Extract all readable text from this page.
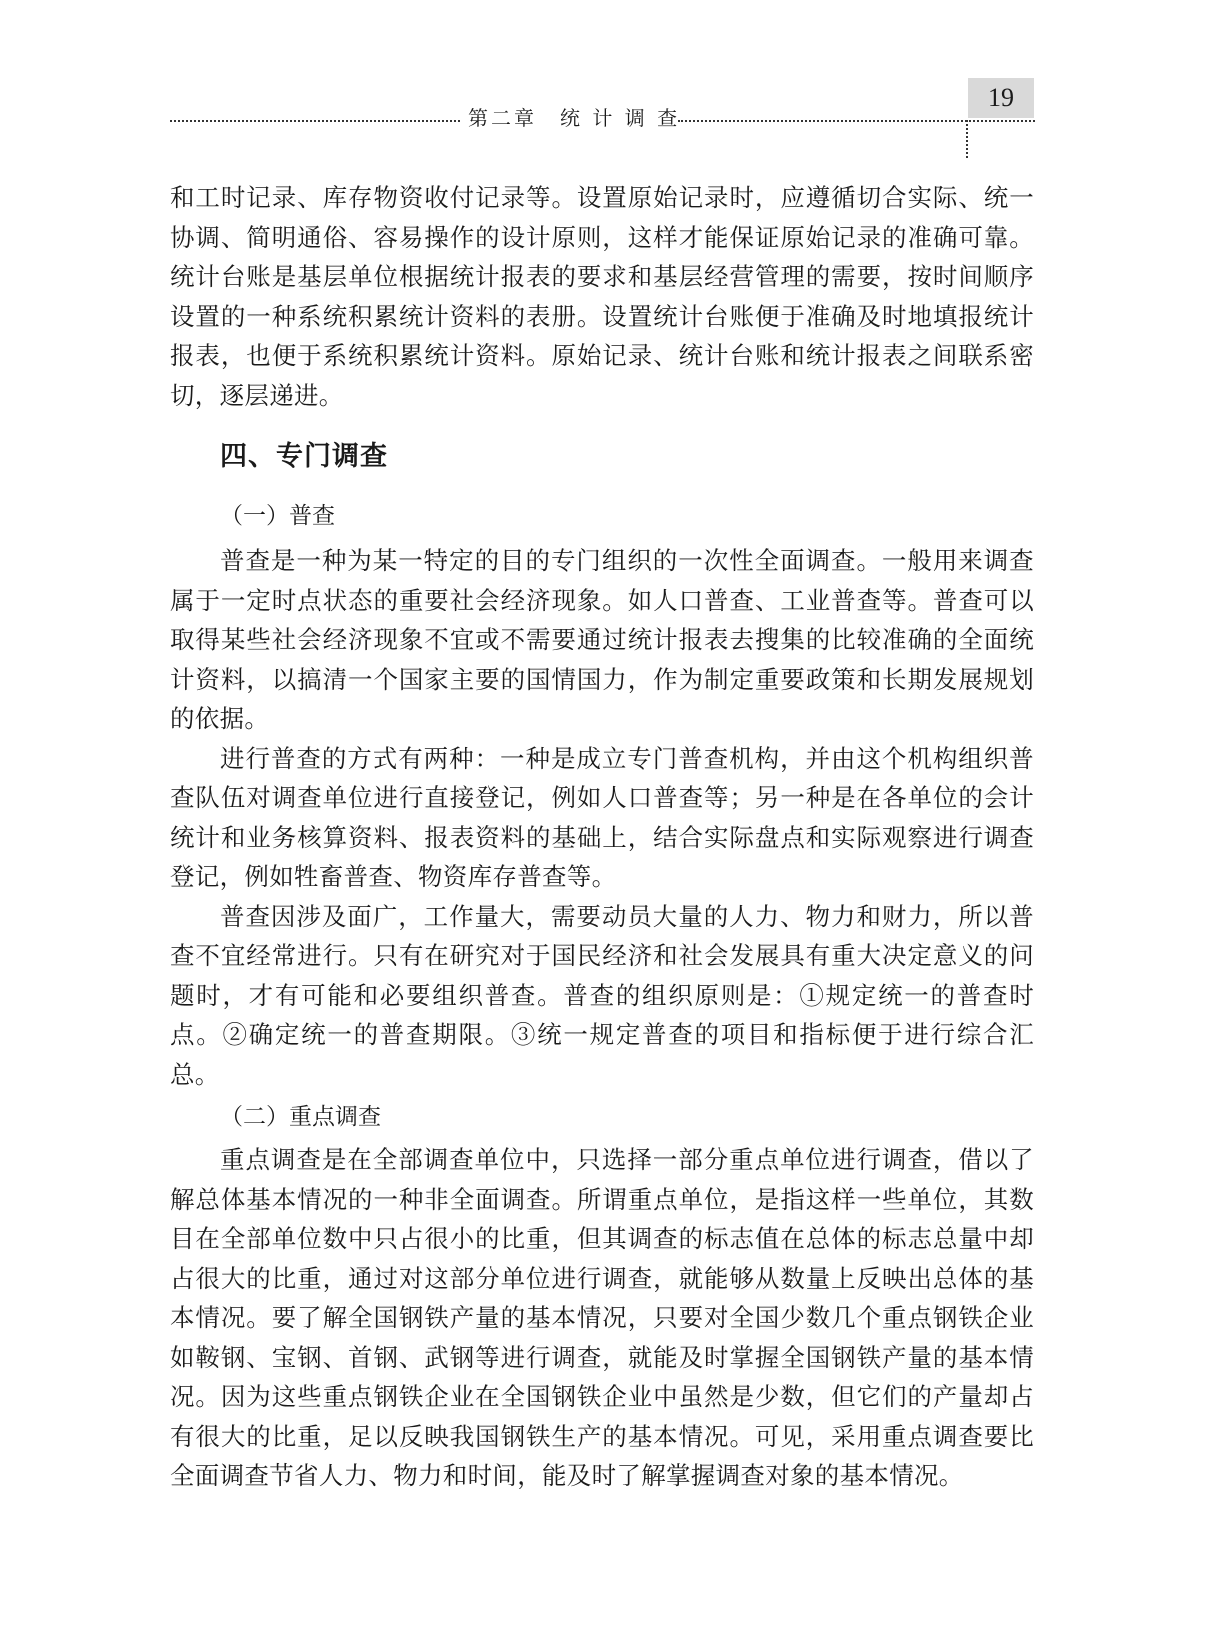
第二章　统 计 调 查
19

和工时记录、库存物资收付记录等。设置原始记录时，应遵循切合实际、统一协调、简明通俗、容易操作的设计原则，这样才能保证原始记录的准确可靠。统计台账是基层单位根据统计报表的要求和基层经营管理的需要，按时间顺序设置的一种系统积累统计资料的表册。设置统计台账便于准确及时地填报统计报表，也便于系统积累统计资料。原始记录、统计台账和统计报表之间联系密切，逐层递进。

四、专门调查
（一）普查

普查是一种为某一特定的目的专门组织的一次性全面调查。一般用来调查属于一定时点状态的重要社会经济现象。如人口普查、工业普查等。普查可以取得某些社会经济现象不宜或不需要通过统计报表去搜集的比较准确的全面统计资料，以搞清一个国家主要的国情国力，作为制定重要政策和长期发展规划的依据。

进行普查的方式有两种：一种是成立专门普查机构，并由这个机构组织普查队伍对调查单位进行直接登记，例如人口普查等；另一种是在各单位的会计统计和业务核算资料、报表资料的基础上，结合实际盘点和实际观察进行调查登记，例如牲畜普查、物资库存普查等。

普查因涉及面广，工作量大，需要动员大量的人力、物力和财力，所以普查不宜经常进行。只有在研究对于国民经济和社会发展具有重大决定意义的问题时，才有可能和必要组织普查。普查的组织原则是：①规定统一的普查时点。②确定统一的普查期限。③统一规定普查的项目和指标便于进行综合汇总。

（二）重点调查

重点调查是在全部调查单位中，只选择一部分重点单位进行调查，借以了解总体基本情况的一种非全面调查。所谓重点单位，是指这样一些单位，其数目在全部单位数中只占很小的比重，但其调查的标志值在总体的标志总量中却占很大的比重，通过对这部分单位进行调查，就能够从数量上反映出总体的基本情况。要了解全国钢铁产量的基本情况，只要对全国少数几个重点钢铁企业如鞍钢、宝钢、首钢、武钢等进行调查，就能及时掌握全国钢铁产量的基本情况。因为这些重点钢铁企业在全国钢铁企业中虽然是少数，但它们的产量却占有很大的比重，足以反映我国钢铁生产的基本情况。可见，采用重点调查要比全面调查节省人力、物力和时间，能及时了解掌握调查对象的基本情况。
